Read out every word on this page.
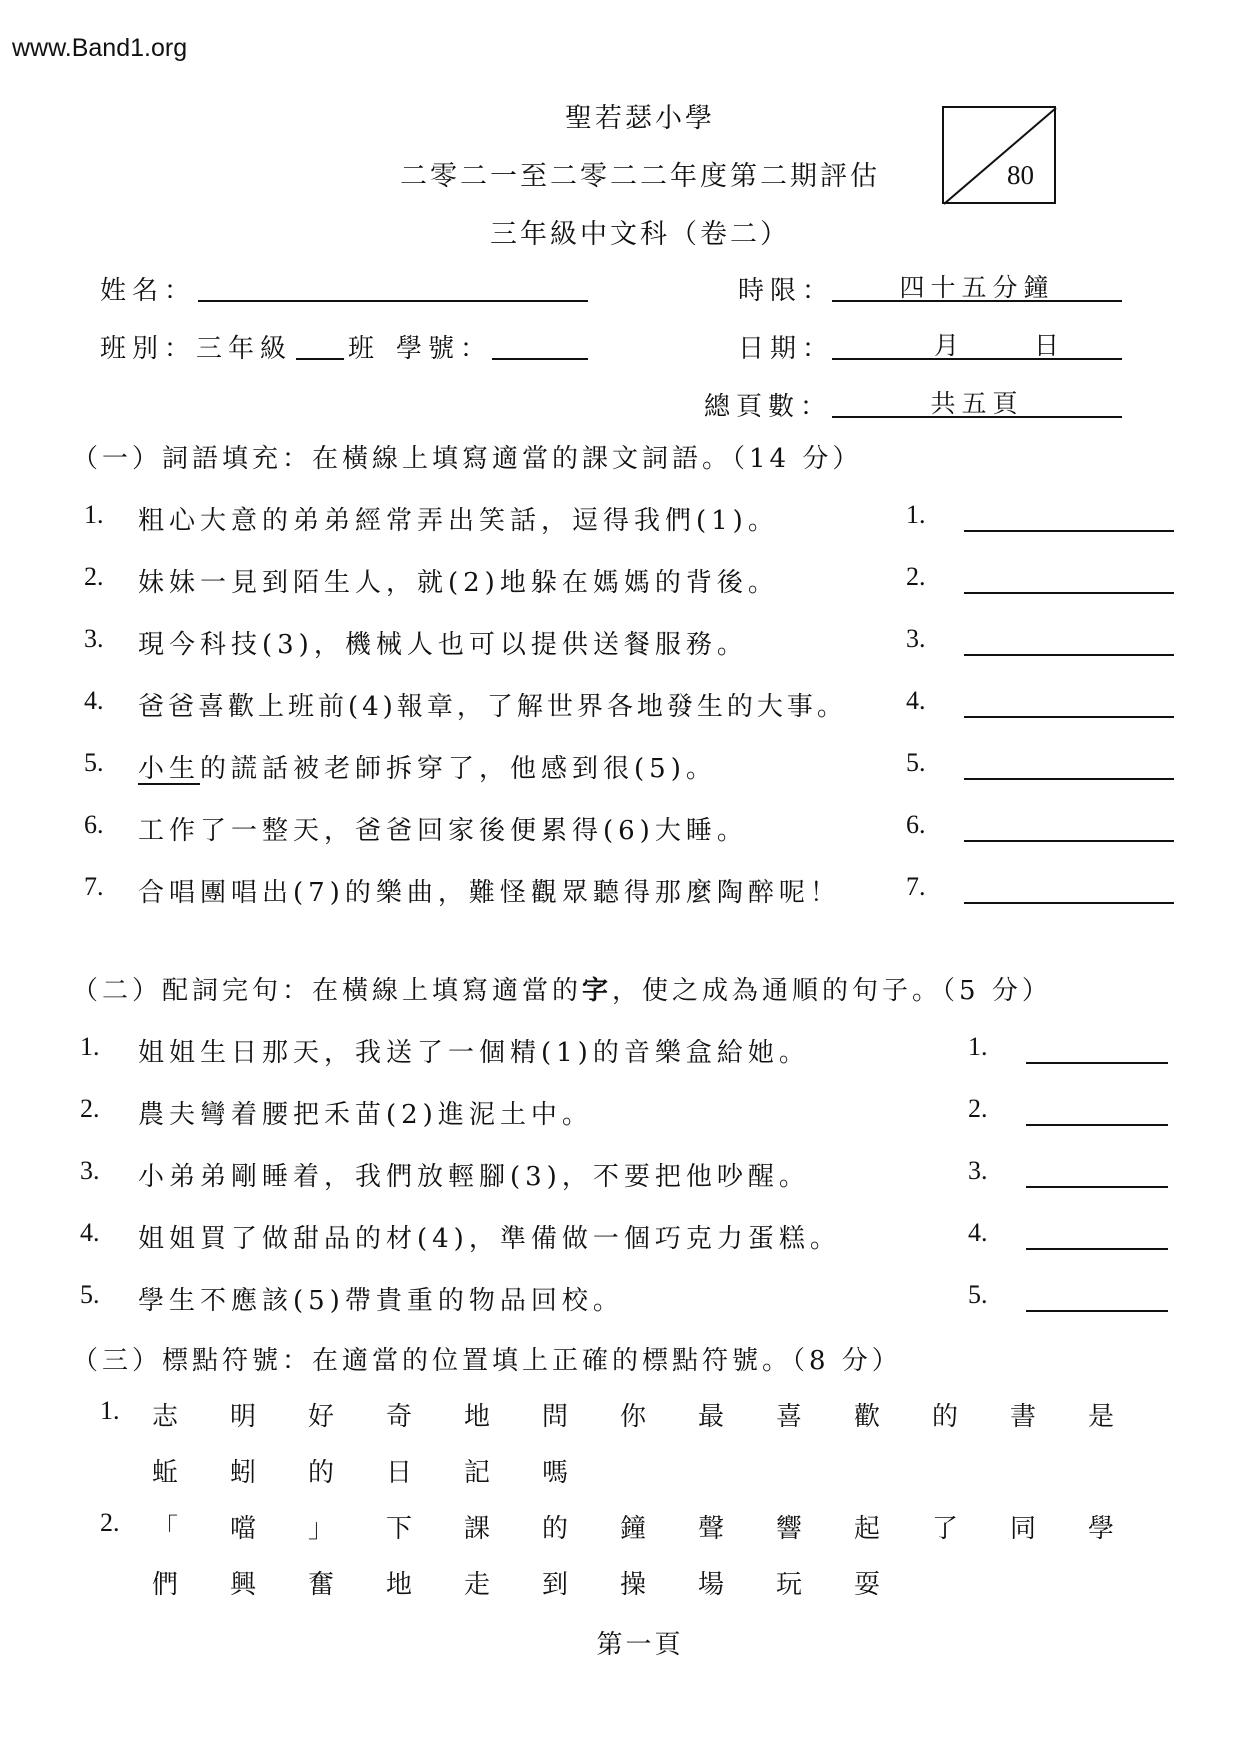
www.Band1.org
聖若瑟小學
二零二一至二零二二年度第二期評估
三年級中文科（卷二）
80
姓名：	時限：	四十五分鐘
班別：三年級 班 學號：	日期：	月	日
總頁數：	共五頁
（一）詞語填充：在橫線上填寫適當的課文詞語。（14 分）
1. 粗心大意的弟弟經常弄出笑話，逗得我們(1)。	1.
2. 妹妹一見到陌生人，就(2)地躲在媽媽的背後。	2.
3. 現今科技(3)，機械人也可以提供送餐服務。	3.
4. 爸爸喜歡上班前(4)報章，了解世界各地發生的大事。 4.
5. 小生的謊話被老師拆穿了，他感到很(5)。	5.
6. 工作了一整天，爸爸回家後便累得(6)大睡。	6.
7. 合唱團唱出(7)的樂曲，難怪觀眾聽得那麼陶醉呢！	7.
（二）配詞完句：在橫線上填寫適當的字，使之成為通順的句子。（5 分）
1. 姐姐生日那天，我送了一個精(1)的音樂盒給她。	1.
2. 農夫彎着腰把禾苗(2)進泥土中。	2.
3. 小弟弟剛睡着，我們放輕腳(3)，不要把他吵醒。	3.
4. 姐姐買了做甜品的材(4)，準備做一個巧克力蛋糕。	4.
5. 學生不應該(5)帶貴重的物品回校。	5.
（三）標點符號：在適當的位置填上正確的標點符號。（8 分）
1. 志	明	好	奇	地	問	你	最	喜	歡	的	書	是
蚯	蚓	的	日	記	嗎
2. 「	噹	」	下	課	的	鐘	聲	響	起	了	同	學
們	興	奮	地	走	到	操	場	玩	耍
第一頁
